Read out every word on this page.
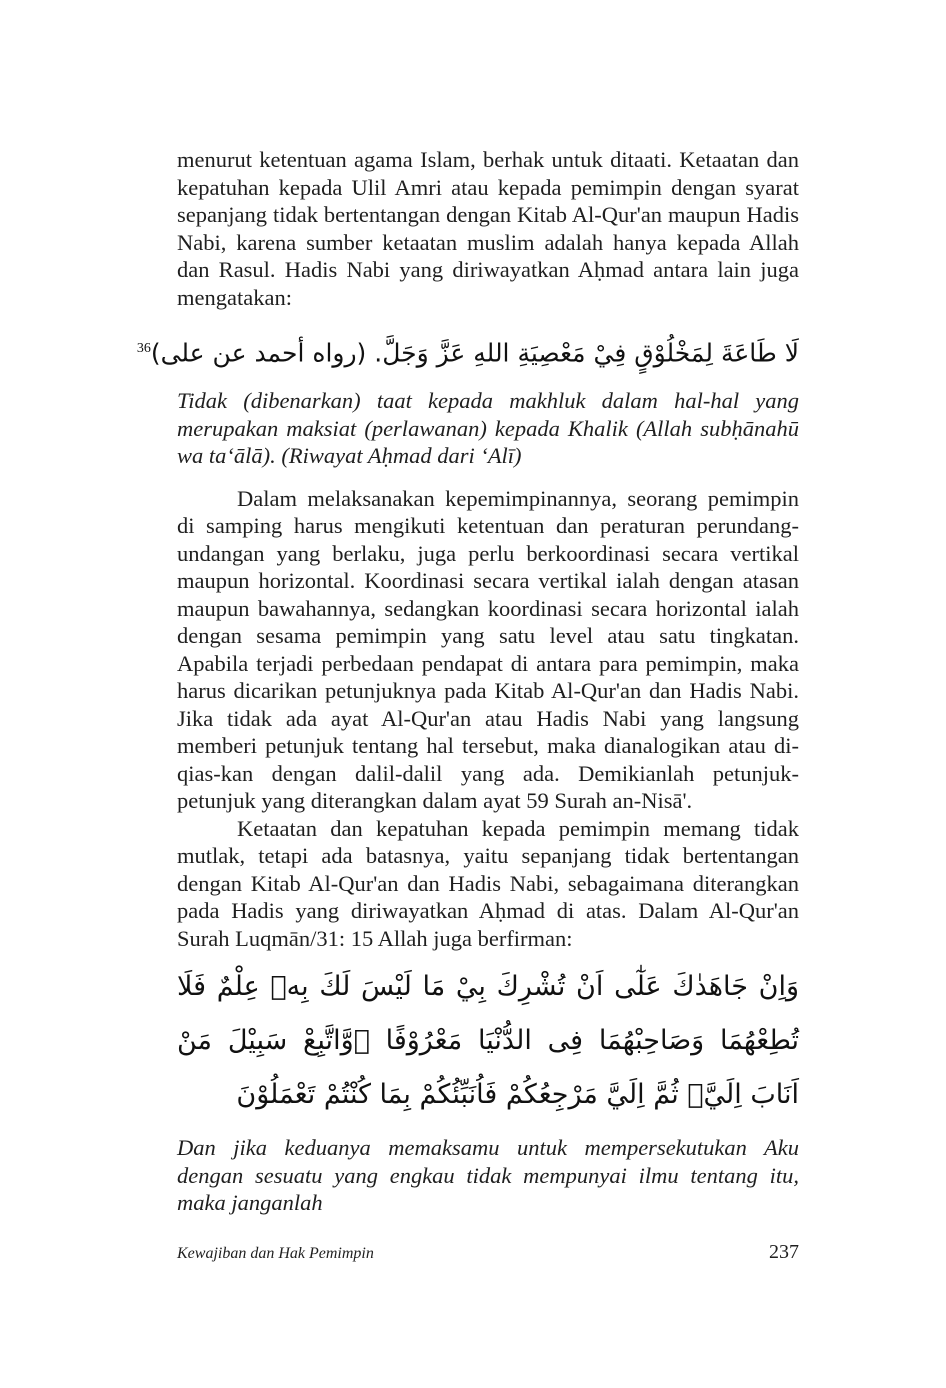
menurut ketentuan agama Islam, berhak untuk ditaati. Ketaatan dan kepatuhan kepada Ulil Amri atau kepada pemimpin dengan syarat sepanjang tidak bertentangan dengan Kitab Al-Qur'an maupun Hadis Nabi, karena sumber ketaatan muslim adalah hanya kepada Allah dan Rasul. Hadis Nabi yang diriwayatkan Aḥmad antara lain juga mengatakan:

لَا طَاعَةَ لِمَخْلُوْقٍ فِيْ مَعْصِيَةِ اللهِ عَزَّ وَجَلَّ. (رواه أحمد عن على)$^{36}$

Tidak (dibenarkan) taat kepada makhluk dalam hal-hal yang merupakan maksiat (perlawanan) kepada Khalik (Allah subḥānahū wa ta‘ālā). (Riwayat Aḥmad dari ‘Alī)

Dalam melaksanakan kepemimpinannya, seorang pemimpin di samping harus mengikuti ketentuan dan peraturan perundang-undangan yang berlaku, juga perlu berkoordinasi secara vertikal maupun horizontal. Koordinasi secara vertikal ialah dengan atasan maupun bawahannya, sedangkan koordinasi secara horizontal ialah dengan sesama pemimpin yang satu level atau satu tingkatan. Apabila terjadi perbedaan pendapat di antara para pemimpin, maka harus dicarikan petunjuknya pada Kitab Al-Qur'an dan Hadis Nabi. Jika tidak ada ayat Al-Qur'an atau Hadis Nabi yang langsung memberi petunjuk tentang hal tersebut, maka dianalogikan atau di-qias-kan dengan dalil-dalil yang ada. Demikianlah petunjuk-petunjuk yang diterangkan dalam ayat 59 Surah an-Nisā'.

Ketaatan dan kepatuhan kepada pemimpin memang tidak mutlak, tetapi ada batasnya, yaitu sepanjang tidak bertentangan dengan Kitab Al-Qur'an dan Hadis Nabi, sebagaimana diterangkan pada Hadis yang diriwayatkan Aḥmad di atas. Dalam Al-Qur'an Surah Luqmān/31: 15 Allah juga berfirman:

وَاِنْ جَاهَدٰكَ عَلٰٓى اَنْ تُشْرِكَ بِيْ مَا لَيْسَ لَكَ بِهٖ عِلْمٌ فَلَا تُطِعْهُمَا وَصَاحِبْهُمَا فِى الدُّنْيَا مَعْرُوْفًا ۖوَّاتَّبِعْ سَبِيْلَ مَنْ اَنَابَ اِلَيَّۚ ثُمَّ اِلَيَّ مَرْجِعُكُمْ فَاُنَبِّئُكُمْ بِمَا كُنْتُمْ تَعْمَلُوْنَ

Dan jika keduanya memaksamu untuk mempersekutukan Aku dengan sesuatu yang engkau tidak mempunyai ilmu tentang itu, maka janganlah

Kewajiban dan Hak Pemimpin	237
